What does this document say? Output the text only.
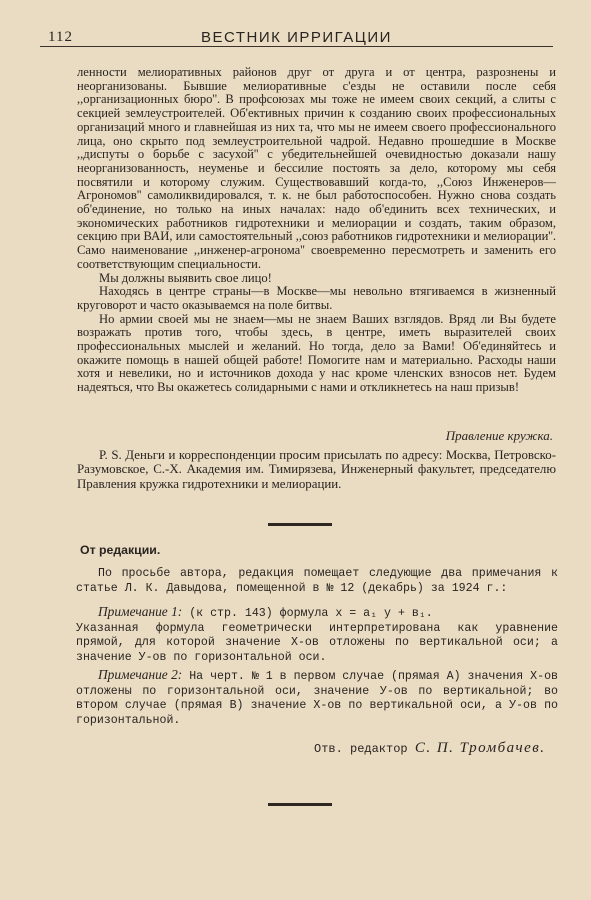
112	ВЕСТНИК ИРРИГАЦИИ

ленности мелиоративных районов друг от друга и от центра, разрознены и неорганизованы. Бывшие мелиоративные с'езды не оставили после себя ,,организационных бюро''. В профсоюзах мы тоже не имеем своих секций, а слиты с секцией землеустроителей. Об'ективных причин к созданию своих профессиональных организаций много и главнейшая из них та, что мы не имеем своего профессионального лица, оно скрыто под землеустроительной чадрой. Недавно прошедшие в Москве ,,диспуты о борьбе с засухой'' с убедительнейшей очевидностью доказали нашу неорганизованность, неуменье и бессилие постоять за дело, которому мы себя посвятили и которому служим. Существовавший когда-то, ,,Союз Инженеров—Агрономов'' самоликвидировался, т. к. не был работоспособен. Нужно снова создать об'единение, но только на иных началах: надо об'единить всех технических, и экономических работников гидротехники и мелиорации и создать, таким образом, секцию при ВАИ, или самостоятельный ,,союз работников гидротехники и мелиорации''. Само наименование ,,инженер-агронома'' своевременно пересмотреть и заменить его соответствующим специальности.

Мы должны выявить свое лицо!

Находясь в центре страны—в Москве—мы невольно втягиваемся в жизненный круговорот и часто оказываемся на поле битвы.

Но армии своей мы не знаем—мы не знаем Ваших взглядов. Вряд ли Вы будете возражать против того, чтобы здесь, в центре, иметь выразителей своих профессиональных мыслей и желаний. Но тогда, дело за Вами! Об'единяйтесь и окажите помощь в нашей общей работе! Помогите нам и материально. Расходы наши хотя и невелики, но и источников дохода у нас кроме членских взносов нет. Будем надеяться, что Вы окажетесь солидарными с нами и откликнетесь на наш призыв!

Правление кружка.

Р. S. Деньги и корреспонденции просим присылать по адресу: Москва, Петровско-Разумовское, С.-Х. Академия им. Тимирязева, Инженерный факультет, председателю Правления кружка гидротехники и мелиорации.

От редакции.

По просьбе автора, редакция помещает следующие два примечания к статье Л. К. Давыдова, помещенной в № 12 (декабрь) за 1924 г.:

Примечание 1: (к стр. 143) формула x = a₁ y + в₁.

Указанная формула геометрически интерпретирована как уравнение прямой, для которой значение Х-ов отложены по вертикальной оси; а значение У-ов по горизонтальной оси.

Примечание 2: На черт. № 1 в первом случае (прямая А) значения Х-ов отложены по горизонтальной оси, значение У-ов по вертикальной; во втором случае (прямая В) значение Х-ов по вертикальной оси, а У-ов по горизонтальной.

Отв. редактор С. П. Тромбачев.
